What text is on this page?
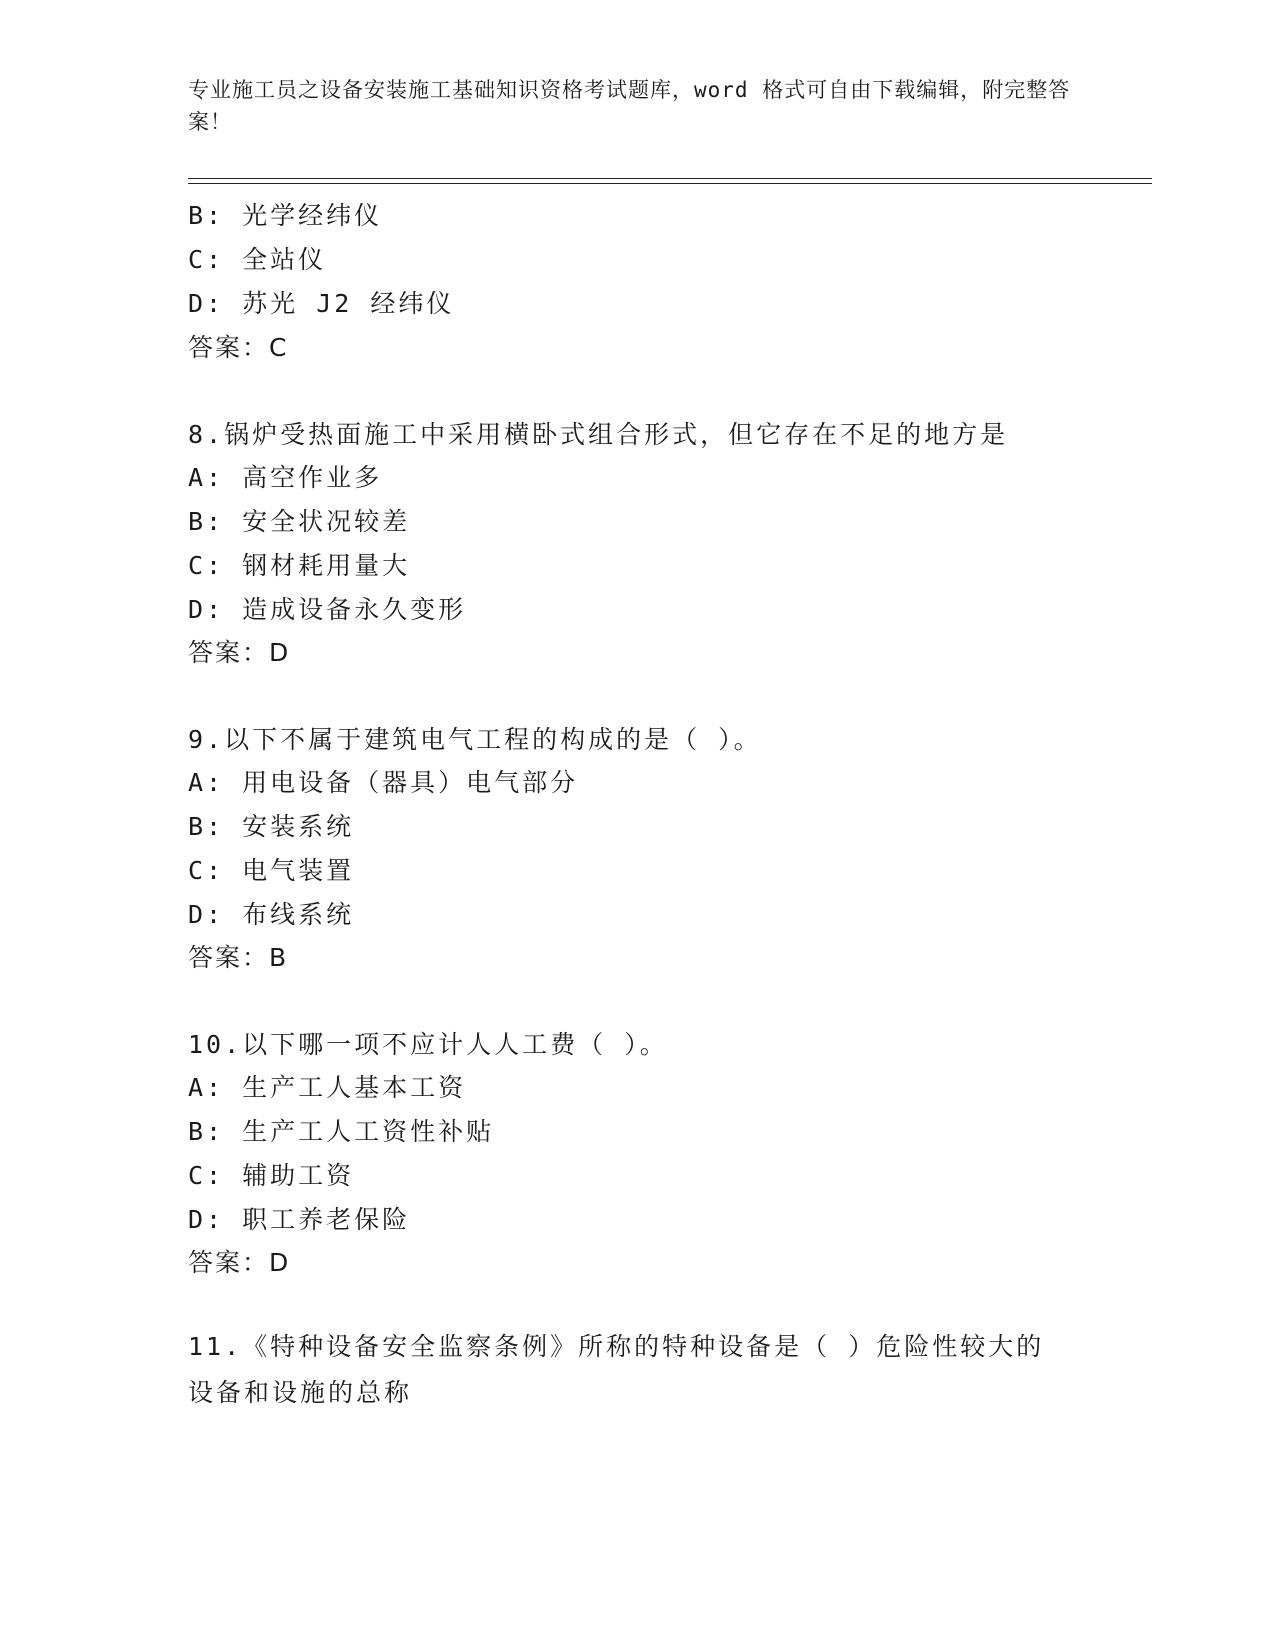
专业施工员之设备安装施工基础知识资格考试题库，word 格式可自由下载编辑，附完整答案！
B: 光学经纬仪
C: 全站仪
D: 苏光 J2 经纬仪
答案：C
8.锅炉受热面施工中采用横卧式组合形式，但它存在不足的地方是
A: 高空作业多
B: 安全状况较差
C: 钢材耗用量大
D: 造成设备永久变形
答案：D
9.以下不属于建筑电气工程的构成的是（ ）。
A: 用电设备（器具）电气部分
B: 安装系统
C: 电气装置
D: 布线系统
答案：B
10.以下哪一项不应计人人工费（ ）。
A: 生产工人基本工资
B: 生产工人工资性补贴
C: 辅助工资
D: 职工养老保险
答案：D
11.《特种设备安全监察条例》所称的特种设备是（ ）危险性较大的设备和设施的总称
